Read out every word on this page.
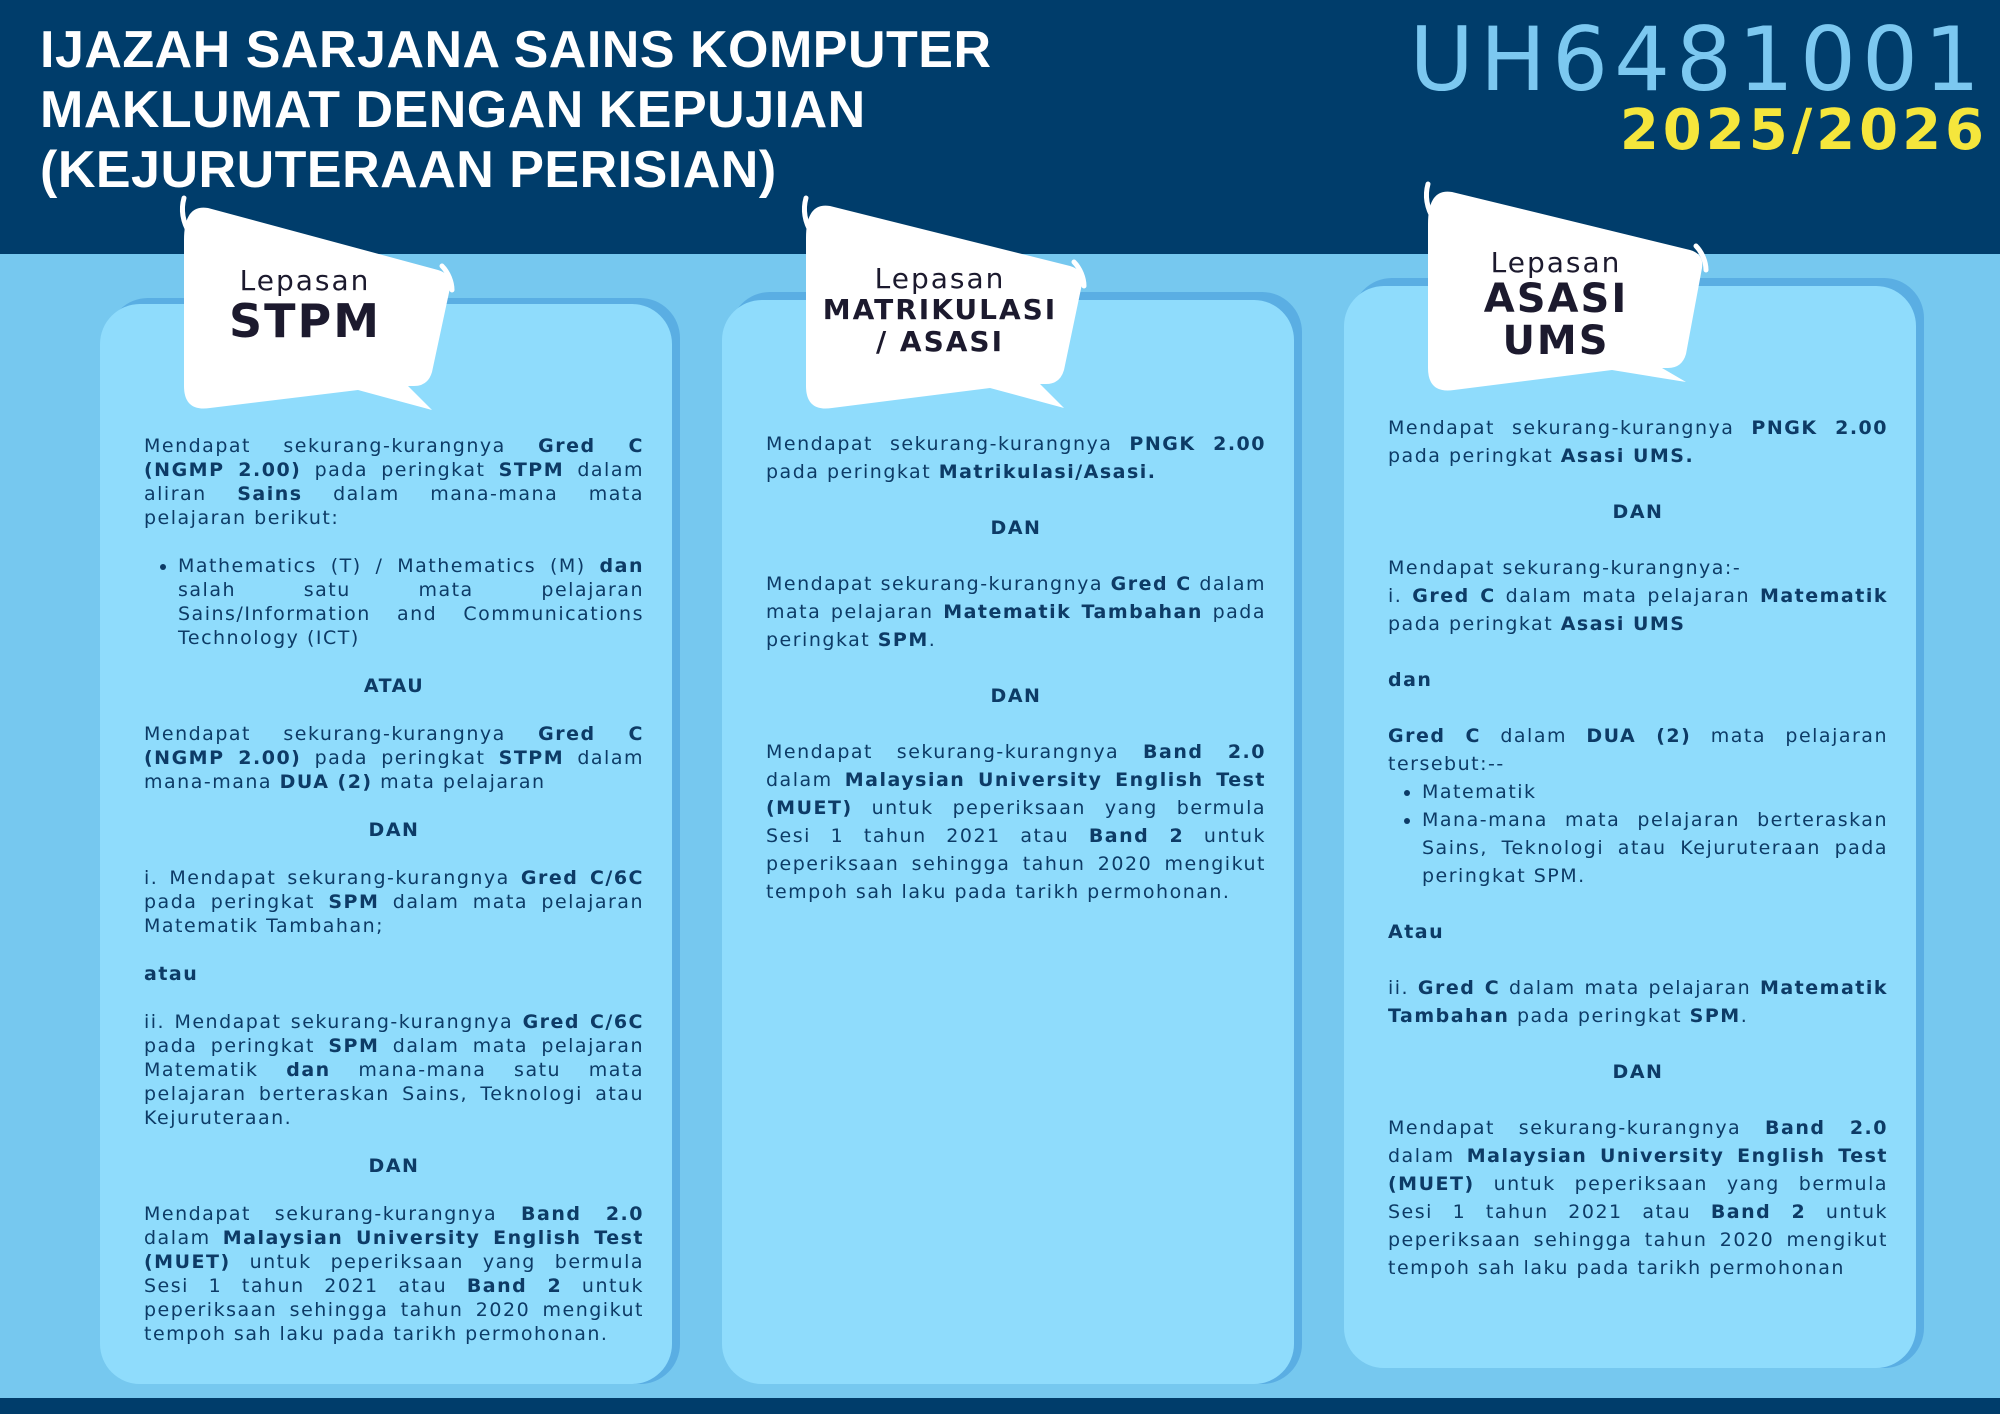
IJAZAH SARJANA SAINS KOMPUTER
MAKLUMAT DENGAN KEPUJIAN
(KEJURUTERAAN PERISIAN)
UH6481001
2025/2026

Mendapat sekurang-kurangnya Gred C (NGMP 2.00) pada peringkat STPM dalam aliran Sains dalam mana-mana mata pelajaran berikut:

• Mathematics (T) / Mathematics (M) dan salah satu mata pelajaran Sains/Information and Communications Technology (ICT)

ATAU

Mendapat sekurang-kurangnya Gred C (NGMP 2.00) pada peringkat STPM dalam mana-mana DUA (2) mata pelajaran

DAN

i. Mendapat sekurang-kurangnya Gred C/6C pada peringkat SPM dalam mata pelajaran Matematik Tambahan;

atau

ii. Mendapat sekurang-kurangnya Gred C/6C pada peringkat SPM dalam mata pelajaran Matematik dan mana-mana satu mata pelajaran berteraskan Sains, Teknologi atau Kejuruteraan.

DAN

Mendapat sekurang-kurangnya Band 2.0 dalam Malaysian University English Test (MUET) untuk peperiksaan yang bermula Sesi 1 tahun 2021 atau Band 2 untuk peperiksaan sehingga tahun 2020 mengikut tempoh sah laku pada tarikh permohonan.

Mendapat sekurang-kurangnya PNGK 2.00 pada peringkat Matrikulasi/Asasi.

DAN

Mendapat sekurang-kurangnya Gred C dalam mata pelajaran Matematik Tambahan pada peringkat SPM.

DAN

Mendapat sekurang-kurangnya Band 2.0 dalam Malaysian University English Test (MUET) untuk peperiksaan yang bermula Sesi 1 tahun 2021 atau Band 2 untuk peperiksaan sehingga tahun 2020 mengikut tempoh sah laku pada tarikh permohonan.

Mendapat sekurang-kurangnya PNGK 2.00 pada peringkat Asasi UMS.

DAN

Mendapat sekurang-kurangnya:-

i. Gred C dalam mata pelajaran Matematik pada peringkat Asasi UMS

dan

Gred C dalam DUA (2) mata pelajaran tersebut:--

• Matematik
• Mana-mana mata pelajaran berteraskan Sains, Teknologi atau Kejuruteraan pada peringkat SPM.

Atau

ii. Gred C dalam mata pelajaran Matematik Tambahan pada peringkat SPM.

DAN

Mendapat sekurang-kurangnya Band 2.0 dalam Malaysian University English Test (MUET) untuk peperiksaan yang bermula Sesi 1 tahun 2021 atau Band 2 untuk peperiksaan sehingga tahun 2020 mengikut tempoh sah laku pada tarikh permohonan

Lepasan
STPM
Lepasan
MATRIKULASI
/ ASASI
Lepasan
ASASI
UMS
